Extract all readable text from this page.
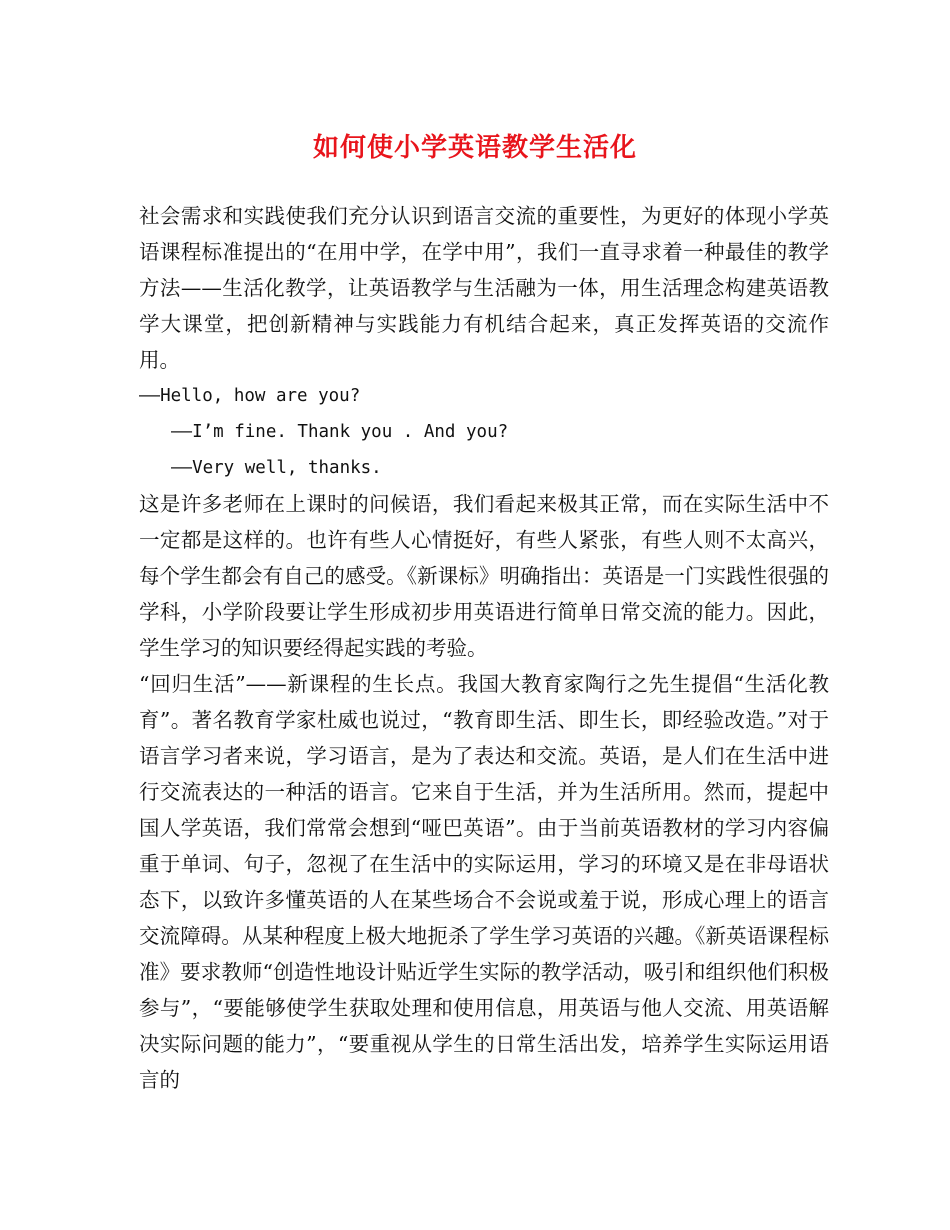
如何使小学英语教学生活化

社会需求和实践使我们充分认识到语言交流的重要性，为更好的体现小学英语课程标准提出的“在用中学，在学中用”，我们一直寻求着一种最佳的教学方法——生活化教学，让英语教学与生活融为一体，用生活理念构建英语教学大课堂，把创新精神与实践能力有机结合起来，真正发挥英语的交流作用。

——Hello, how are you?

——I’m fine. Thank you . And you?

——Very well, thanks.

这是许多老师在上课时的问候语，我们看起来极其正常，而在实际生活中不一定都是这样的。也许有些人心情挺好，有些人紧张，有些人则不太高兴，每个学生都会有自己的感受。《新课标》明确指出：英语是一门实践性很强的学科，小学阶段要让学生形成初步用英语进行简单日常交流的能力。因此，学生学习的知识要经得起实践的考验。

“回归生活”——新课程的生长点。我国大教育家陶行之先生提倡“生活化教育”。著名教育学家杜威也说过，“教育即生活、即生长，即经验改造。”对于语言学习者来说，学习语言，是为了表达和交流。英语，是人们在生活中进行交流表达的一种活的语言。它来自于生活，并为生活所用。然而，提起中国人学英语，我们常常会想到“哑巴英语”。由于当前英语教材的学习内容偏重于单词、句子，忽视了在生活中的实际运用，学习的环境又是在非母语状态下，以致许多懂英语的人在某些场合不会说或羞于说，形成心理上的语言交流障碍。从某种程度上极大地扼杀了学生学习英语的兴趣。《新英语课程标准》要求教师“创造性地设计贴近学生实际的教学活动，吸引和组织他们积极参与”，“要能够使学生获取处理和使用信息，用英语与他人交流、用英语解决实际问题的能力”，“要重视从学生的日常生活出发，培养学生实际运用语言的
